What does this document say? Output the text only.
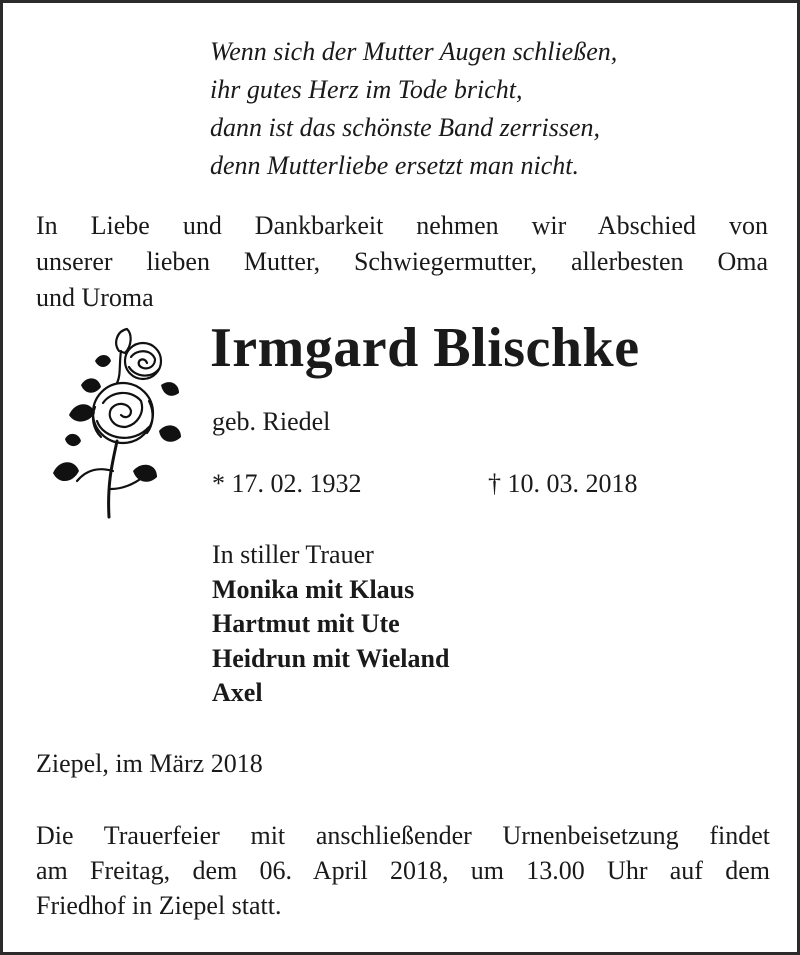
Wenn sich der Mutter Augen schließen,
ihr gutes Herz im Tode bricht,
dann ist das schönste Band zerrissen,
denn Mutterliebe ersetzt man nicht.
In Liebe und Dankbarkeit nehmen wir Abschied von
unserer lieben Mutter, Schwiegermutter, allerbesten Oma
und Uroma
Irmgard Blischke
geb. Riedel
* 17. 02. 1932	† 10. 03. 2018
In stiller Trauer
Monika mit Klaus
Hartmut mit Ute
Heidrun mit Wieland
Axel
Ziepel, im März 2018
Die Trauerfeier mit anschließender Urnenbeisetzung findet
am Freitag, dem 06. April 2018, um 13.00 Uhr auf dem
Friedhof in Ziepel statt.
